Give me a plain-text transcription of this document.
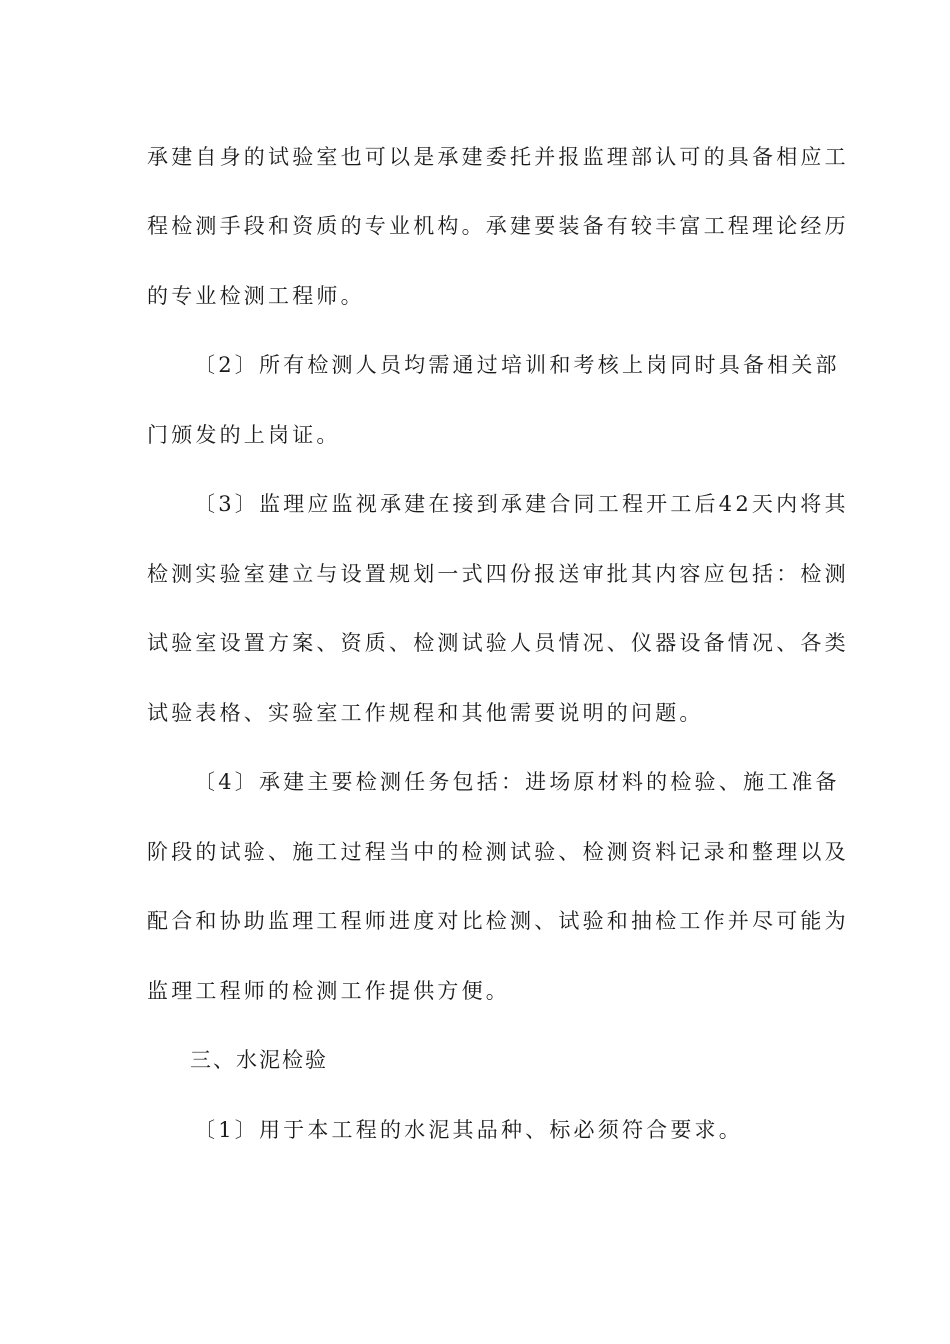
承建自身的试验室也可以是承建委托并报监理部认可的具备相应工
程检测手段和资质的专业机构。承建要装备有较丰富工程理论经历
的专业检测工程师。
〔2〕所有检测人员均需通过培训和考核上岗同时具备相关部
门颁发的上岗证。
〔3〕监理应监视承建在接到承建合同工程开工后42天内将其
检测实验室建立与设置规划一式四份报送审批其内容应包括：检测
试验室设置方案、资质、检测试验人员情况、仪器设备情况、各类
试验表格、实验室工作规程和其他需要说明的问题。
〔4〕承建主要检测任务包括：进场原材料的检验、施工准备
阶段的试验、施工过程当中的检测试验、检测资料记录和整理以及
配合和协助监理工程师进度对比检测、试验和抽检工作并尽可能为
监理工程师的检测工作提供方便。
三、水泥检验
〔1〕用于本工程的水泥其品种、标必须符合要求。
